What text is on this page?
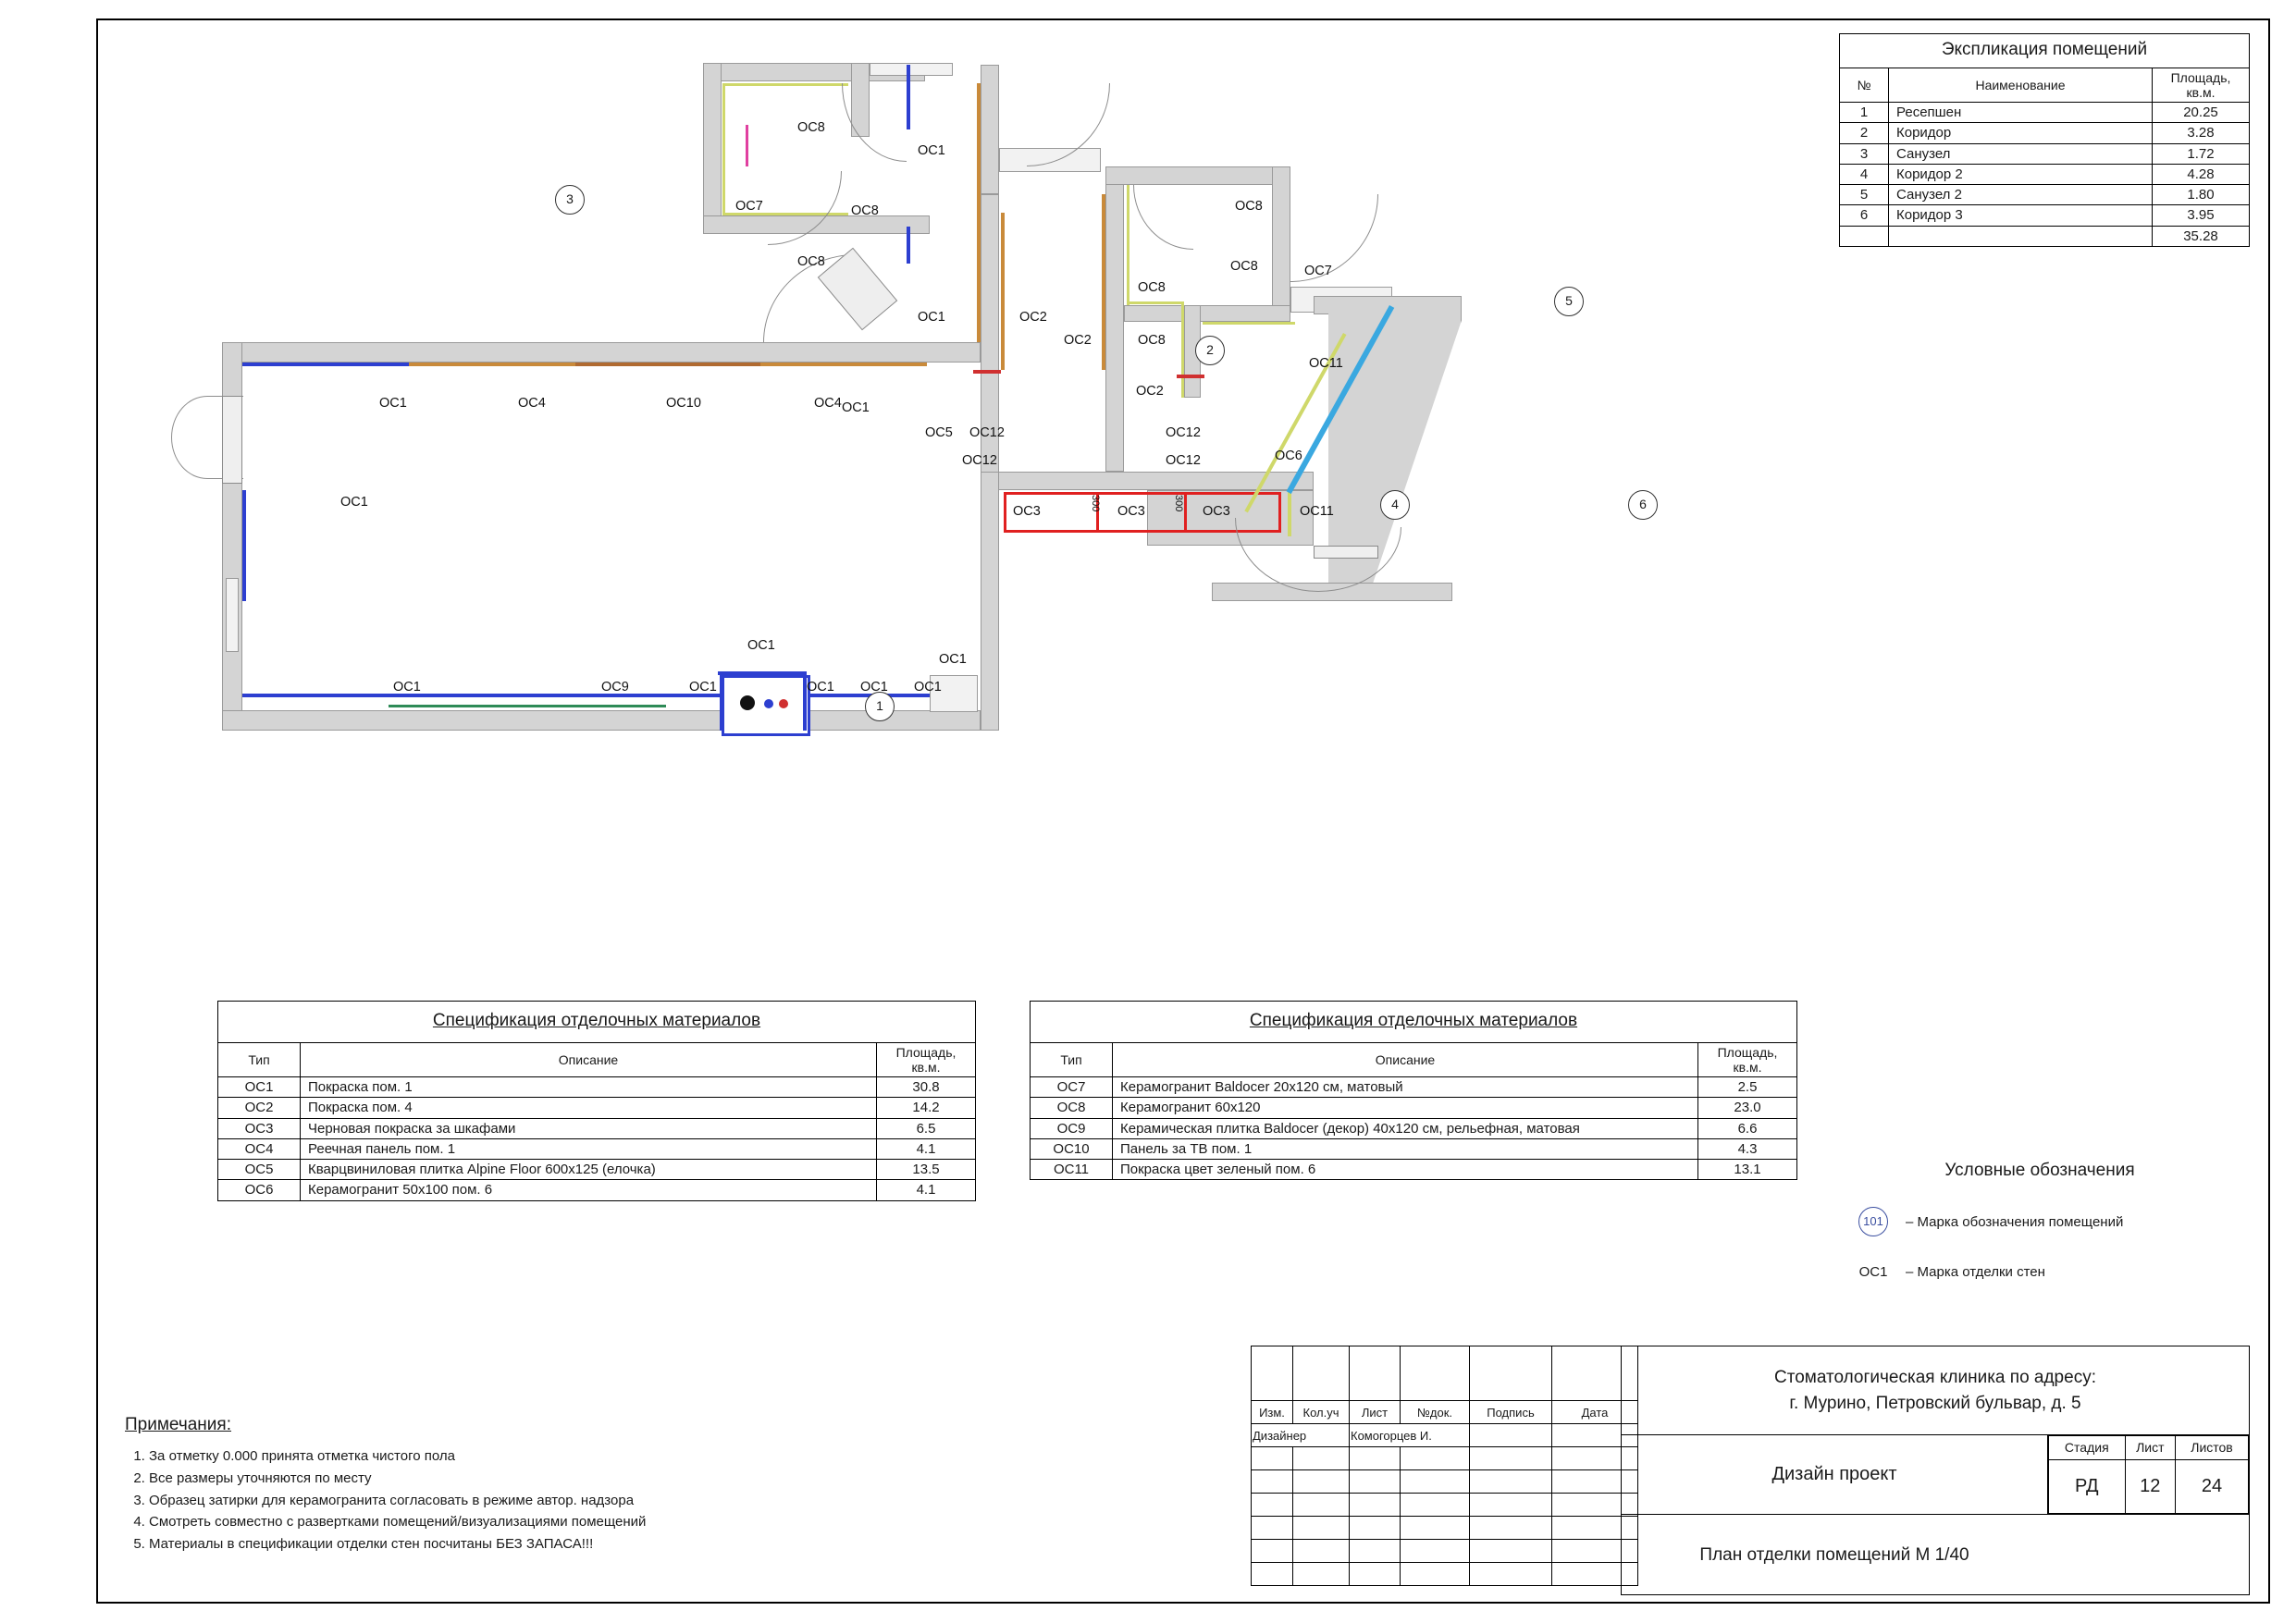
Экспликация помещений
№	Наименование	Площадь,
кв.м.
1	Ресепшен	20.25
2	Коридор	3.28
3	Санузел	1.72
4	Коридор 2	4.28
5	Санузел 2	1.80
6	Коридор 3	3.95
		35.28
1
2
3
4
5
6
ОС8
ОС1
ОС7	ОС8
ОС8
ОС1
ОС1
ОС1	ОС4	ОС10	ОС4
ОС2
ОС5
ОС8
ОС7
ОС8
ОС8
ОС2	ОС8
ОС11
ОС2
ОС12	ОС12
ОС12	ОС12	ОС6
ОС3	ОС3	ОС3	ОС11
ОС1
ОС1
ОС1
ОС1	ОС1 ОС1 ОС1
ОС1	ОС9
300	300
Спецификация отделочных материалов
Тип	Описание	Площадь,
кв.м.
ОС1	Покраска пом. 1	30.8
ОС2	Покраска пом. 4	14.2
ОС3	Черновая покраска за шкафами	6.5
ОС4	Реечная панель пом. 1	4.1
ОС5	Кварцвиниловая плитка Alpine Floor 600x125 (елочка)	13.5
ОС6	Керамогранит 50х100 пом. 6	4.1
Спецификация отделочных материалов
Тип	Описание	Площадь,
кв.м.
ОС7	Керамогранит Baldocer 20х120 см, матовый	2.5
ОС8	Керамогранит 60х120	23.0
ОС9	Керамическая плитка Baldocer (декор) 40х120 см, рельефная, матовая	6.6
ОС10	Панель за ТВ пом. 1	4.3
ОС11	Покраска цвет зеленый пом. 6	13.1	Условные обозначения
101	– Марка обозначения помещений
ОС1	– Марка отделки стен
Примечания:
1. За отметку 0.000 принята отметка чистого пола
2. Все размеры уточняются по месту
3. Образец затирки для керамогранита согласовать в режиме автор. надзора
4. Смотреть совместно с развертками помещений/визуализациями помещений
5. Материалы в спецификации отделки стен посчитаны БЕЗ ЗАПАСА!!!

Изм.	Кол.уч	Лист	№док.	Подпись	Дата
Дизайнер		Комогорцев И.			

Стоматологическая клиника по адресу:
г. Мурино, Петровский бульвар, д. 5
Дизайн проект
План отделки помещений М 1/40
Стадия	Лист	Листов
РД	12	24
